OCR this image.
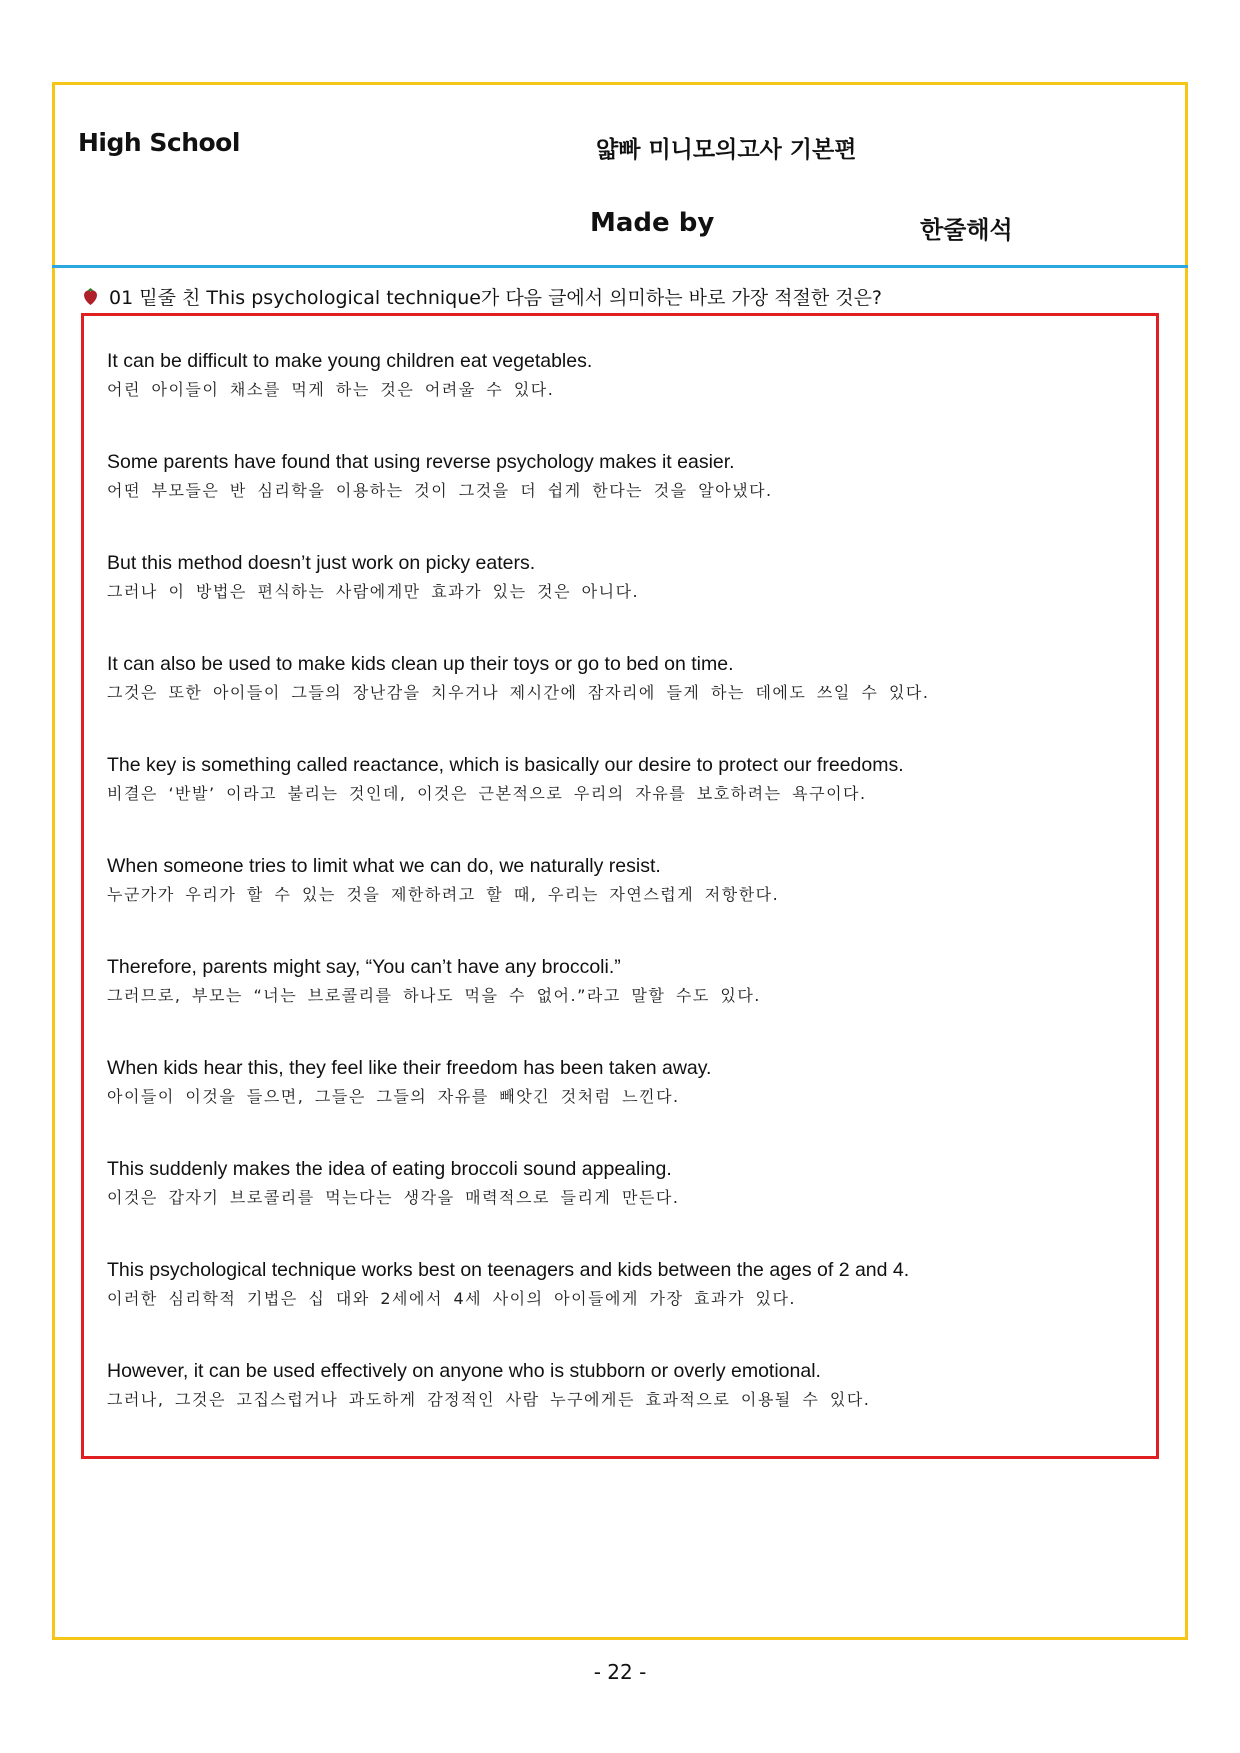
High School	얇빠 미니모의고사 기본편
Made by	한줄해석
01 밑줄 친 This psychological technique가 다음 글에서 의미하는 바로 가장 적절한 것은?
It can be difficult to make young children eat vegetables.
어린 아이들이 채소를 먹게 하는 것은 어려울 수 있다.
Some parents have found that using reverse psychology makes it easier.
어떤 부모들은 반 심리학을 이용하는 것이 그것을 더 쉽게 한다는 것을 알아냈다.
But this method doesn’t just work on picky eaters.
그러나 이 방법은 편식하는 사람에게만 효과가 있는 것은 아니다.
It can also be used to make kids clean up their toys or go to bed on time.
그것은 또한 아이들이 그들의 장난감을 치우거나 제시간에 잠자리에 들게 하는 데에도 쓰일 수 있다.
The key is something called reactance, which is basically our desire to protect our freedoms.
비결은 ‘반발’ 이라고 불리는 것인데, 이것은 근본적으로 우리의 자유를 보호하려는 욕구이다.
When someone tries to limit what we can do, we naturally resist.
누군가가 우리가 할 수 있는 것을 제한하려고 할 때, 우리는 자연스럽게 저항한다.
Therefore, parents might say, “You can’t have any broccoli.”
그러므로, 부모는 “너는 브로콜리를 하나도 먹을 수 없어.”라고 말할 수도 있다.
When kids hear this, they feel like their freedom has been taken away.
아이들이 이것을 들으면, 그들은 그들의 자유를 빼앗긴 것처럼 느낀다.
This suddenly makes the idea of eating broccoli sound appealing.
이것은 갑자기 브로콜리를 먹는다는 생각을 매력적으로 들리게 만든다.
This psychological technique works best on teenagers and kids between the ages of 2 and 4.
이러한 심리학적 기법은 십 대와 2세에서 4세 사이의 아이들에게 가장 효과가 있다.
However, it can be used effectively on anyone who is stubborn or overly emotional.
그러나, 그것은 고집스럽거나 과도하게 감정적인 사람 누구에게든 효과적으로 이용될 수 있다.
- 22 -
